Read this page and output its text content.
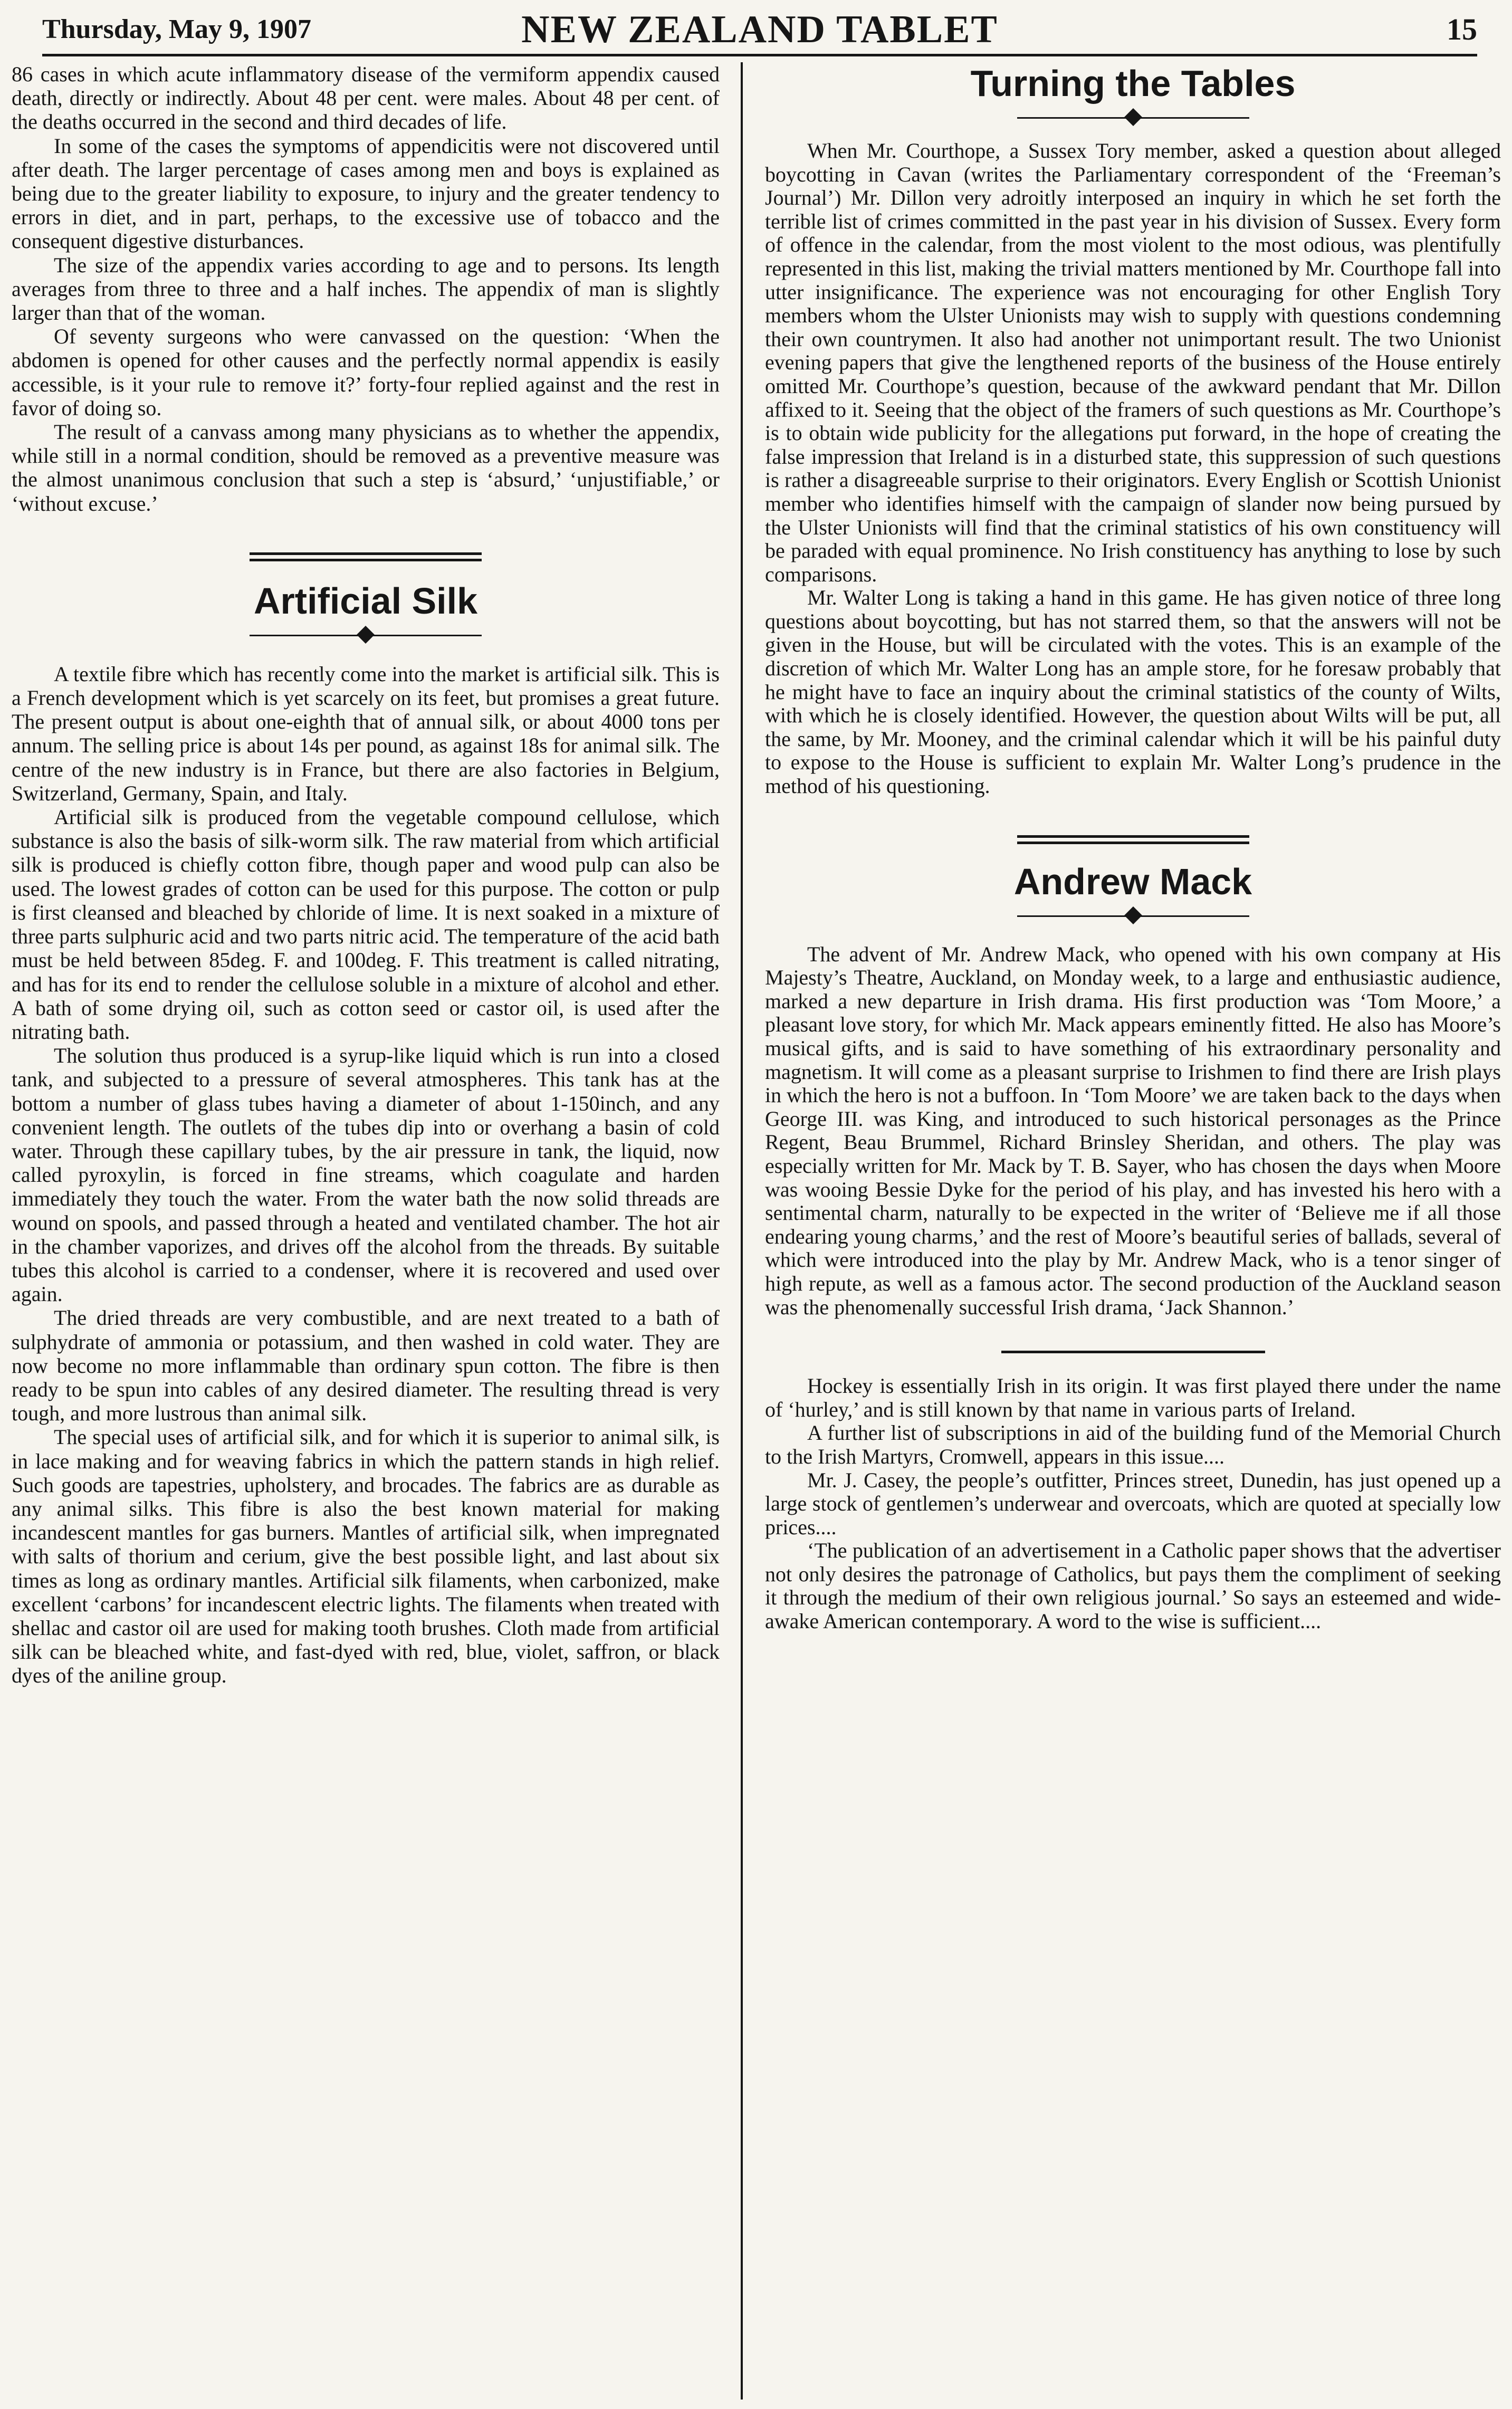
Thursday, May 9, 1907	NEW ZEALAND TABLET	15

86 cases in which acute inflammatory disease of the vermiform appendix caused death, directly or indirectly. About 48 per cent. were males. About 48 per cent. of the deaths occurred in the second and third decades of life.

In some of the cases the symptoms of appendicitis were not discovered until after death. The larger percentage of cases among men and boys is explained as being due to the greater liability to exposure, to injury and the greater tendency to errors in diet, and in part, perhaps, to the excessive use of tobacco and the consequent digestive disturbances.

The size of the appendix varies according to age and to persons. Its length averages from three to three and a half inches. The appendix of man is slightly larger than that of the woman.

Of seventy surgeons who were canvassed on the question: ‘When the abdomen is opened for other causes and the perfectly normal appendix is easily accessible, is it your rule to remove it?’ forty-four replied against and the rest in favor of doing so.

The result of a canvass among many physicians as to whether the appendix, while still in a normal condition, should be removed as a preventive measure was the almost unanimous conclusion that such a step is ‘absurd,’ ‘unjustifiable,’ or ‘without excuse.’

Artificial Silk

A textile fibre which has recently come into the market is artificial silk. This is a French development which is yet scarcely on its feet, but promises a great future. The present output is about one-eighth that of annual silk, or about 4000 tons per annum. The selling price is about 14s per pound, as against 18s for animal silk. The centre of the new industry is in France, but there are also factories in Belgium, Switzerland, Germany, Spain, and Italy.

Artificial silk is produced from the vegetable compound cellulose, which substance is also the basis of silk-worm silk. The raw material from which artificial silk is produced is chiefly cotton fibre, though paper and wood pulp can also be used. The lowest grades of cotton can be used for this purpose. The cotton or pulp is first cleansed and bleached by chloride of lime. It is next soaked in a mixture of three parts sulphuric acid and two parts nitric acid. The temperature of the acid bath must be held between 85deg. F. and 100deg. F. This treatment is called nitrating, and has for its end to render the cellulose soluble in a mixture of alcohol and ether. A bath of some drying oil, such as cotton seed or castor oil, is used after the nitrating bath.

The solution thus produced is a syrup-like liquid which is run into a closed tank, and subjected to a pressure of several atmospheres. This tank has at the bottom a number of glass tubes having a diameter of about 1-150inch, and any convenient length. The outlets of the tubes dip into or overhang a basin of cold water. Through these capillary tubes, by the air pressure in tank, the liquid, now called pyroxylin, is forced in fine streams, which coagulate and harden immediately they touch the water. From the water bath the now solid threads are wound on spools, and passed through a heated and ventilated chamber. The hot air in the chamber vaporizes, and drives off the alcohol from the threads. By suitable tubes this alcohol is carried to a condenser, where it is recovered and used over again.

The dried threads are very combustible, and are next treated to a bath of sulphydrate of ammonia or potassium, and then washed in cold water. They are now become no more inflammable than ordinary spun cotton. The fibre is then ready to be spun into cables of any desired diameter. The resulting thread is very tough, and more lustrous than animal silk.

The special uses of artificial silk, and for which it is superior to animal silk, is in lace making and for weaving fabrics in which the pattern stands in high relief. Such goods are tapestries, upholstery, and brocades. The fabrics are as durable as any animal silks. This fibre is also the best known material for making incandescent mantles for gas burners. Mantles of artificial silk, when impregnated with salts of thorium and cerium, give the best possible light, and last about six times as long as ordinary mantles. Artificial silk filaments, when carbonized, make excellent ‘carbons’ for incandescent electric lights. The filaments when treated with shellac and castor oil are used for making tooth brushes. Cloth made from artificial silk can be bleached white, and fast-dyed with red, blue, violet, saffron, or black dyes of the aniline group.

Turning the Tables

When Mr. Courthope, a Sussex Tory member, asked a question about alleged boycotting in Cavan (writes the Parliamentary correspondent of the ‘Freeman’s Journal’) Mr. Dillon very adroitly interposed an inquiry in which he set forth the terrible list of crimes committed in the past year in his division of Sussex. Every form of offence in the calendar, from the most violent to the most odious, was plentifully represented in this list, making the trivial matters mentioned by Mr. Courthope fall into utter insignificance. The experience was not encouraging for other English Tory members whom the Ulster Unionists may wish to supply with questions condemning their own countrymen. It also had another not unimportant result. The two Unionist evening papers that give the lengthened reports of the business of the House entirely omitted Mr. Courthope’s question, because of the awkward pendant that Mr. Dillon affixed to it. Seeing that the object of the framers of such questions as Mr. Courthope’s is to obtain wide publicity for the allegations put forward, in the hope of creating the false impression that Ireland is in a disturbed state, this suppression of such questions is rather a disagreeable surprise to their originators. Every English or Scottish Unionist member who identifies himself with the campaign of slander now being pursued by the Ulster Unionists will find that the criminal statistics of his own constituency will be paraded with equal prominence. No Irish constituency has anything to lose by such comparisons.

Mr. Walter Long is taking a hand in this game. He has given notice of three long questions about boycotting, but has not starred them, so that the answers will not be given in the House, but will be circulated with the votes. This is an example of the discretion of which Mr. Walter Long has an ample store, for he foresaw probably that he might have to face an inquiry about the criminal statistics of the county of Wilts, with which he is closely identified. However, the question about Wilts will be put, all the same, by Mr. Mooney, and the criminal calendar which it will be his painful duty to expose to the House is sufficient to explain Mr. Walter Long’s prudence in the method of his questioning.

Andrew Mack

The advent of Mr. Andrew Mack, who opened with his own company at His Majesty’s Theatre, Auckland, on Monday week, to a large and enthusiastic audience, marked a new departure in Irish drama. His first production was ‘Tom Moore,’ a pleasant love story, for which Mr. Mack appears eminently fitted. He also has Moore’s musical gifts, and is said to have something of his extraordinary personality and magnetism. It will come as a pleasant surprise to Irishmen to find there are Irish plays in which the hero is not a buffoon. In ‘Tom Moore’ we are taken back to the days when George III. was King, and introduced to such historical personages as the Prince Regent, Beau Brummel, Richard Brinsley Sheridan, and others. The play was especially written for Mr. Mack by T. B. Sayer, who has chosen the days when Moore was wooing Bessie Dyke for the period of his play, and has invested his hero with a sentimental charm, naturally to be expected in the writer of ‘Believe me if all those endearing young charms,’ and the rest of Moore’s beautiful series of ballads, several of which were introduced into the play by Mr. Andrew Mack, who is a tenor singer of high repute, as well as a famous actor. The second production of the Auckland season was the phenomenally successful Irish drama, ‘Jack Shannon.’

Hockey is essentially Irish in its origin. It was first played there under the name of ‘hurley,’ and is still known by that name in various parts of Ireland.

A further list of subscriptions in aid of the building fund of the Memorial Church to the Irish Martyrs, Cromwell, appears in this issue....

Mr. J. Casey, the people’s outfitter, Princes street, Dunedin, has just opened up a large stock of gentlemen’s underwear and overcoats, which are quoted at specially low prices....

‘The publication of an advertisement in a Catholic paper shows that the advertiser not only desires the patronage of Catholics, but pays them the compliment of seeking it through the medium of their own religious journal.’ So says an esteemed and wide-awake American contemporary. A word to the wise is sufficient....
